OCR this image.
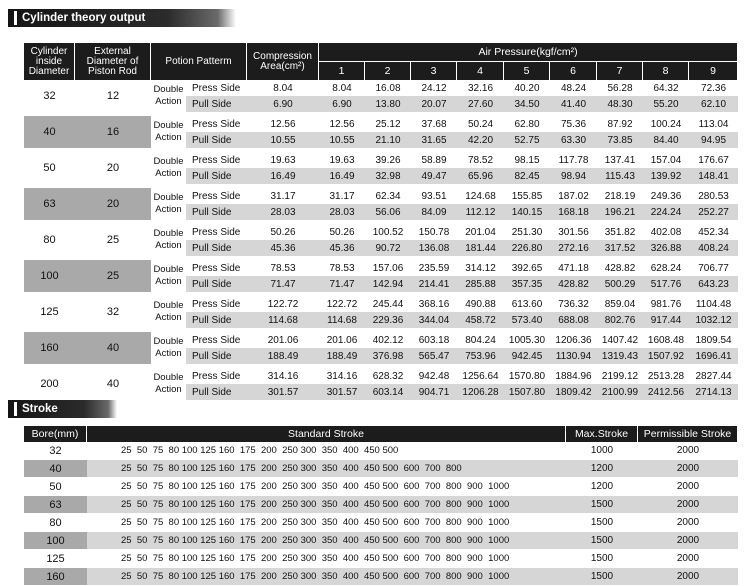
Cylinder theory output
Cylinder inside Diameter	External Diameter of Piston Rod	Potion Patterm		Compression Area(cm²)	Air Pressure(kgf/cm²)								
					1	2	3	4	5	6	7	8	9
32	12	Double Action	Press Side	8.04	8.04	16.08	24.12	32.16	40.20	48.24	56.28	64.32	72.36
			Pull Side	6.90	6.90	13.80	20.07	27.60	34.50	41.40	48.30	55.20	62.10
40	16	Double Action	Press Side	12.56	12.56	25.12	37.68	50.24	62.80	75.36	87.92	100.24	113.04
			Pull Side	10.55	10.55	21.10	31.65	42.20	52.75	63.30	73.85	84.40	94.95
50	20	Double Action	Press Side	19.63	19.63	39.26	58.89	78.52	98.15	117.78	137.41	157.04	176.67
			Pull Side	16.49	16.49	32.98	49.47	65.96	82.45	98.94	115.43	139.92	148.41
63	20	Double Action	Press Side	31.17	31.17	62.34	93.51	124.68	155.85	187.02	218.19	249.36	280.53
			Pull Side	28.03	28.03	56.06	84.09	112.12	140.15	168.18	196.21	224.24	252.27
80	25	Double Action	Press Side	50.26	50.26	100.52	150.78	201.04	251.30	301.56	351.82	402.08	452.34
			Pull Side	45.36	45.36	90.72	136.08	181.44	226.80	272.16	317.52	326.88	408.24
100	25	Double Action	Press Side	78.53	78.53	157.06	235.59	314.12	392.65	471.18	428.82	628.24	706.77
			Pull Side	71.47	71.47	142.94	214.41	285.88	357.35	428.82	500.29	517.76	643.23
125	32	Double Action	Press Side	122.72	122.72	245.44	368.16	490.88	613.60	736.32	859.04	981.76	1104.48
			Pull Side	114.68	114.68	229.36	344.04	458.72	573.40	688.08	802.76	917.44	1032.12
160	40	Double Action	Press Side	201.06	201.06	402.12	603.18	804.24	1005.30	1206.36	1407.42	1608.48	1809.54
			Pull Side	188.49	188.49	376.98	565.47	753.96	942.45	1130.94	1319.43	1507.92	1696.41
200	40	Double Action	Press Side	314.16	314.16	628.32	942.48	1256.64	1570.80	1884.96	2199.12	2513.28	2827.44
			Pull Side	301.57	301.57	603.14	904.71	1206.28	1507.80	1809.42	2100.99	2412.56	2714.13
Stroke
Bore(mm)	Standard Stroke	Max.Stroke	Permissible Stroke
32	25  50  75  80 100 125 160  175  200  250 300  350  400  450 500	1000	2000
40	25  50  75  80 100 125 160  175  200  250 300  350  400  450 500  600  700  800	1200	2000
50	25  50  75  80 100 125 160  175  200  250 300  350  400  450 500  600  700  800  900  1000	1200	2000
63	25  50  75  80 100 125 160  175  200  250 300  350  400  450 500  600  700  800  900  1000	1500	2000
80	25  50  75  80 100 125 160  175  200  250 300  350  400  450 500  600  700  800  900  1000	1500	2000
100	25  50  75  80 100 125 160  175  200  250 300  350  400  450 500  600  700  800  900  1000	1500	2000
125	25  50  75  80 100 125 160  175  200  250 300  350  400  450 500  600  700  800  900  1000	1500	2000
160	25  50  75  80 100 125 160  175  200  250 300  350  400  450 500  600  700  800  900  1000	1500	2000
